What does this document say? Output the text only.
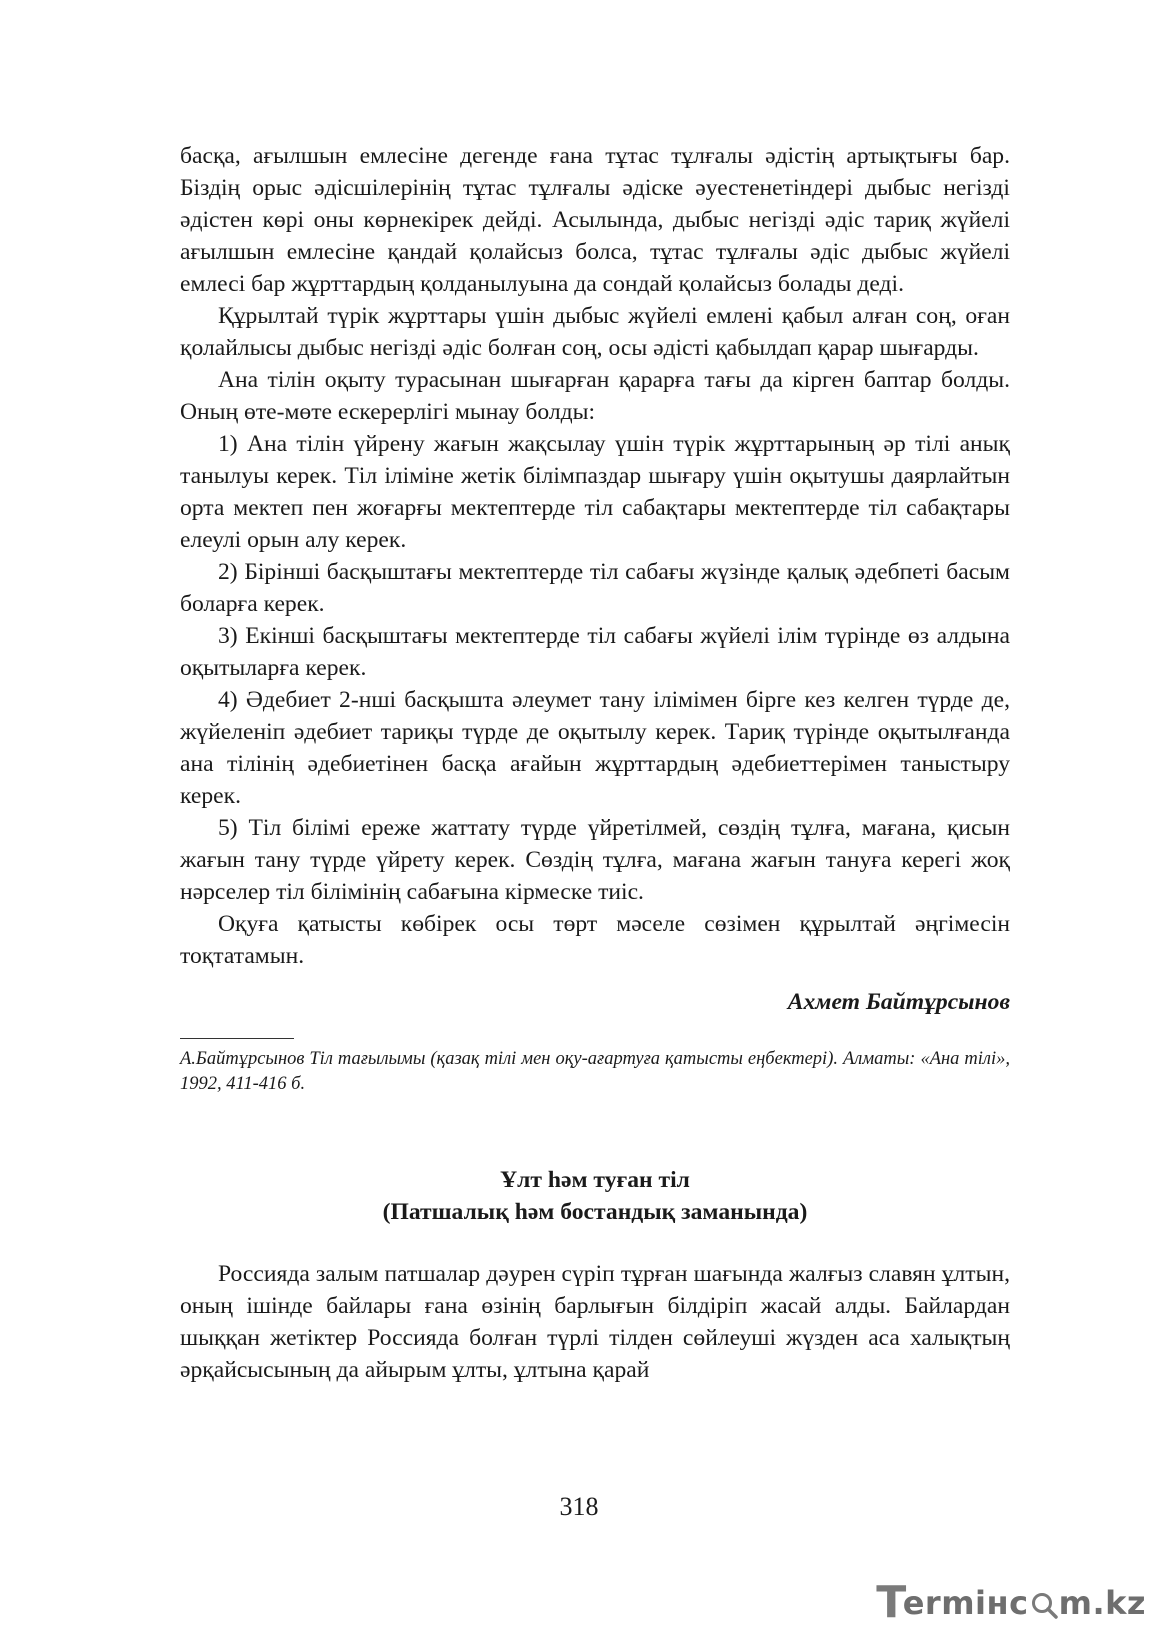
басқа, ағылшын емлесіне дегенде ғана тұтас тұлғалы әдістің артықтығы бар. Біздің орыс әдісшілерінің тұтас тұлғалы әдіске әуестенетіндері дыбыс негізді әдістен көрі оны көрнекірек дейді. Асылында, дыбыс негізді әдіс тариқ жүйелі ағылшын емлесіне қандай қолайсыз болса, тұтас тұлғалы әдіс дыбыс жүйелі емлесі бар жұрттардың қолданылуына да сондай қолайсыз болады деді.

Құрылтай түрік жұрттары үшін дыбыс жүйелі емлені қабыл алған соң, оған қолайлысы дыбыс негізді әдіс болған соң, осы әдісті қабылдап қарар шығарды.

Ана тілін оқыту турасынан шығарған қарарға тағы да кірген баптар болды. Оның өте-мөте ескерерлігі мынау болды:

1) Ана тілін үйрену жағын жақсылау үшін түрік жұрттарының әр тілі анық танылуы керек. Тіл іліміне жетік білімпаздар шығару үшін оқытушы даярлайтын орта мектеп пен жоғарғы мектептерде тіл сабақтары мектептерде тіл сабақтары елеулі орын алу керек.

2) Бірінші басқыштағы мектептерде тіл сабағы жүзінде қалық әдебпеті басым боларға керек.

3) Екінші басқыштағы мектептерде тіл сабағы жүйелі ілім түрінде өз алдына оқытыларға керек.

4) Әдебиет 2-нші басқышта әлеумет тану ілімімен бірге кез келген түрде де, жүйеленіп әдебиет тариқы түрде де оқытылу керек. Тариқ түрінде оқытылғанда ана тілінің әдебиетінен басқа ағайын жұрттардың әдебиеттерімен таныстыру керек.

5) Тіл білімі ереже жаттату түрде үйретілмей, сөздің тұлға, мағана, қисын жағын тану түрде үйрету керек. Сөздің тұлға, мағана жағын тануға керегі жоқ нәрселер тіл білімінің сабағына кірмеске тиіс.

Оқуға қатысты көбірек осы төрт мәселе сөзімен құрылтай әңгімесін тоқтатамын.

Ахмет Байтұрсынов
А.Байтұрсынов Тіл тағылымы (қазақ тілі мен оқу-ағартуға қатысты еңбектері). Алматы: «Ана тілі», 1992, 411-416 б.
Ұлт һәм туған тіл
(Патшалық һәм бостандық заманында)

Россияда залым патшалар дәурен сүріп тұрған шағында жалғыз славян ұлтын, оның ішінде байлары ғана өзінің барлығын білдіріп жасай алды. Байлардан шыққан жетіктер Россияда болған түрлі тілден сөйлеуші жүзден аса халықтың әрқайсысының да айырым ұлты, ұлтына қарай

318
T
ermінc m.kz
